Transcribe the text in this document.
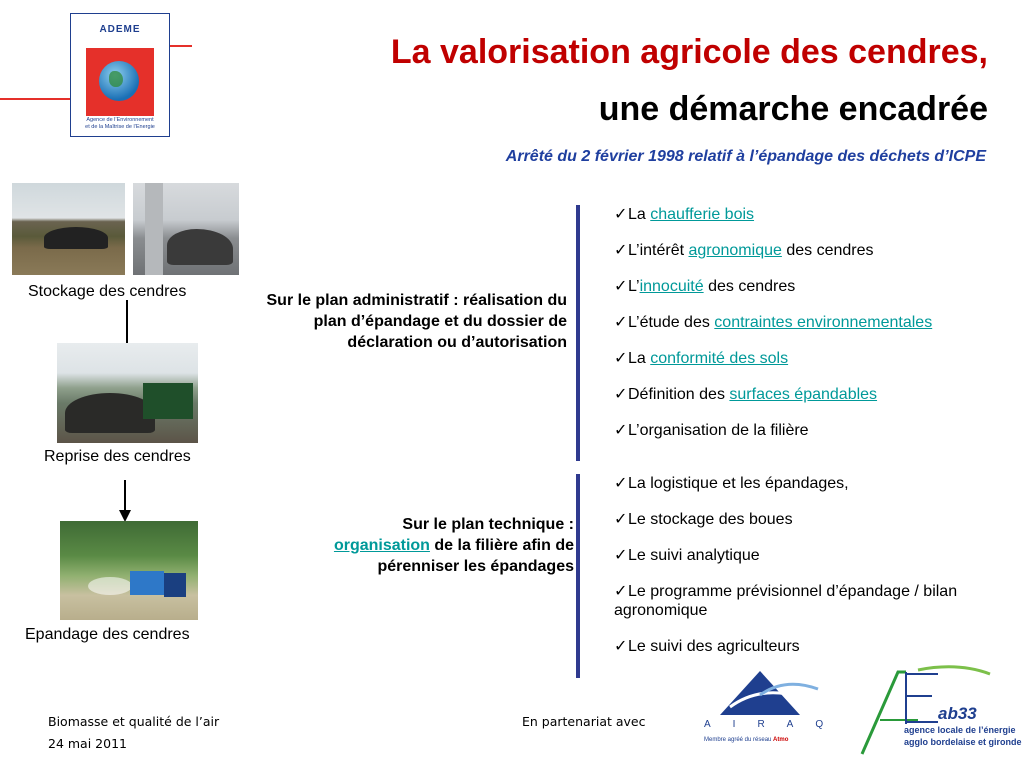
ADEME
Agence de l’Environnement
et de la Maîtrise de l’Energie
La valorisation agricole des cendres,
une démarche encadrée
Arrêté du 2 février 1998 relatif à l’épandage des déchets d’ICPE
Stockage des cendres
Reprise des cendres
Epandage des cendres
Sur le plan administratif : réalisation du plan d’épandage et du dossier de déclaration ou d’autorisation
Sur le plan technique :
organisation de la filière afin de
pérenniser les épandages
✓La chaufferie bois
✓L’intérêt agronomique des cendres
✓L’innocuité des cendres
✓L’étude des contraintes environnementales
✓La conformité des sols
✓Définition des surfaces épandables
✓L’organisation de la filière
✓La logistique et les épandages,
✓Le stockage des boues
✓Le suivi analytique
✓Le programme prévisionnel d’épandage / bilan agronomique
✓Le suivi des agriculteurs
Biomasse et qualité de l’air
24 mai 2011
En partenariat avec	AIRAQ
Membre agréé du réseau Atmo
ab33
agence locale de l’énergie
agglo bordelaise et gironde
